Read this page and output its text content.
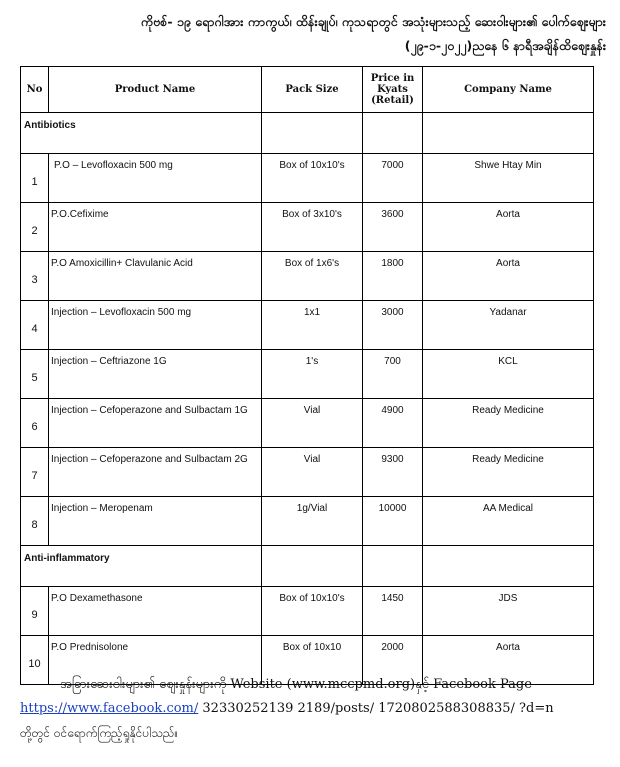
ကိုဗစ်- ၁၉ ရောဂါအား ကာကွယ်၊ ထိန်းချုပ်၊ ကုသရာတွင် အသုံးများသည့် ဆေးဝါးများ၏ ပေါက်ဈေးများ
(၂၉-၁-၂၀၂၂)ညနေ ၆ နာရီအချိန်ထိဈေးနှုန်း
No	Product Name	Pack Size	Price in Kyats (Retail)	Company Name
Antibiotics				
1	P.O – Levofloxacin 500 mg	Box of 10x10's	7000	Shwe Htay Min
2	P.O.Cefixime	Box of 3x10's	3600	Aorta
3	P.O Amoxicillin+ Clavulanic Acid	Box of 1x6's	1800	Aorta
4	Injection – Levofloxacin 500 mg	1x1	3000	Yadanar
5	Injection – Ceftriazone 1G	1's	700	KCL
6	Injection – Cefoperazone and Sulbactam 1G	Vial	4900	Ready Medicine
7	Injection – Cefoperazone and Sulbactam 2G	Vial	9300	Ready Medicine
8	Injection – Meropenam	1g/Vial	10000	AA Medical
Anti-inflammatory				
9	P.O Dexamethasone	Box of 10x10's	1450	JDS
10	P.O Prednisolone	Box of 10x10	2000	Aorta
အခြားဆေးဝါးများ၏ ဈေးနှုန်းများကို Website (www.mccpmd.org)နှင့် Facebook Page
https://www.facebook.com/ 32330252139 2189/posts/ 1720802588308835/ ?d=n
တို့တွင် ဝင်ရောက်ကြည့်ရှုနိုင်ပါသည်။
